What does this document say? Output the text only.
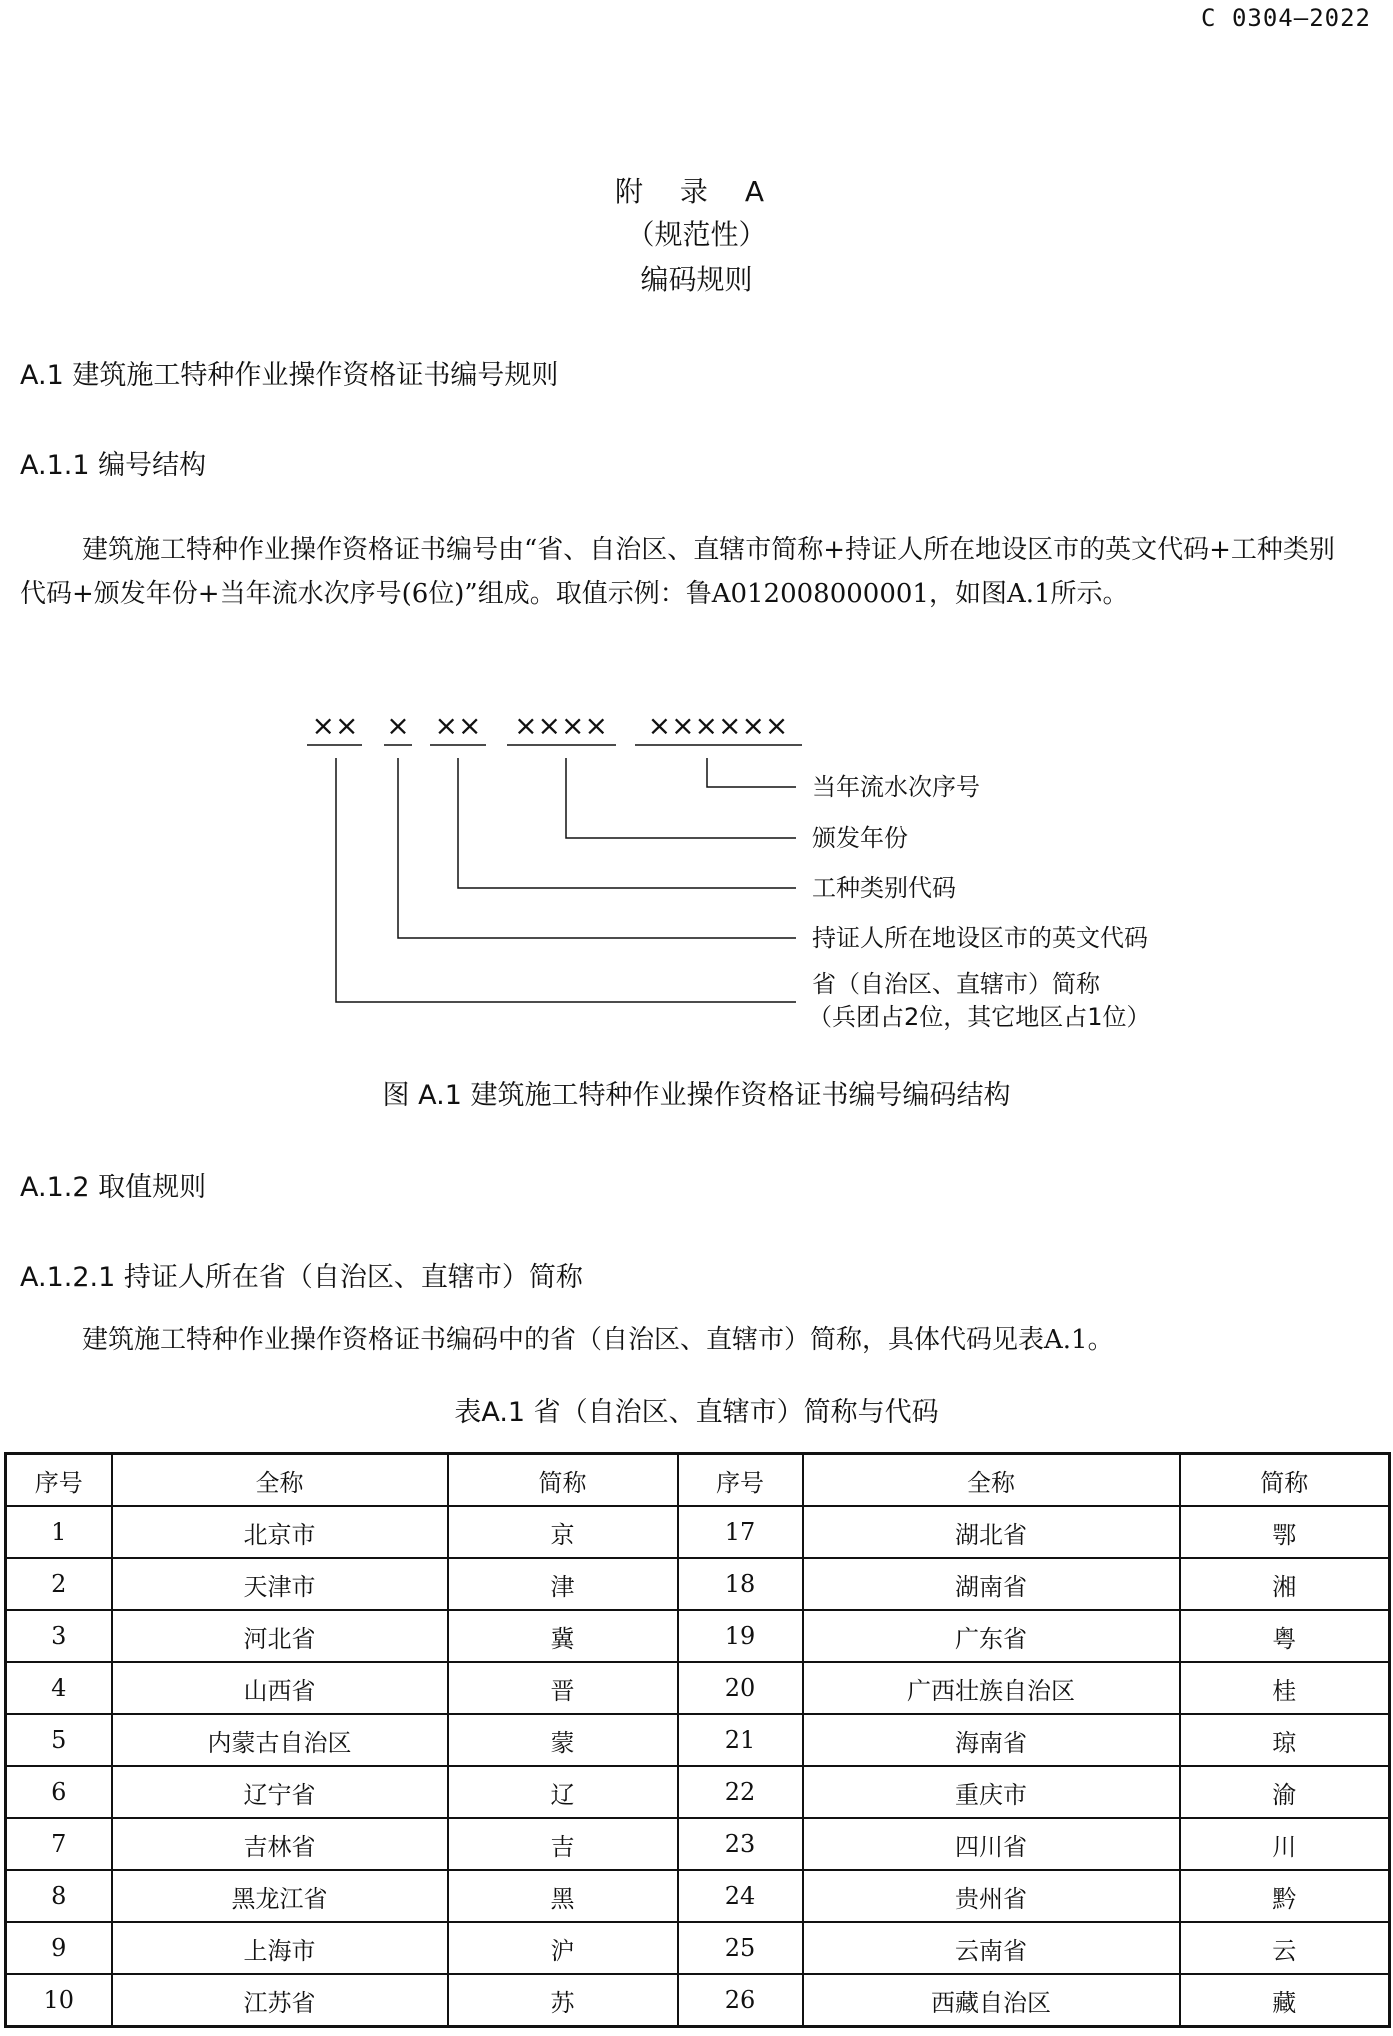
C 0304—2022
附 录 A
（规范性）
编码规则
A.1 建筑施工特种作业操作资格证书编号规则
A.1.1 编号结构
建筑施工特种作业操作资格证书编号由“省、自治区、直辖市简称+持证人所在地设区市的英文代码+工种类别代码+颁发年份+当年流水次序号(6位)”组成。取值示例：鲁A012008000001，如图A.1所示。
×× × ×× ×××× ××××××
当年流水次序号
颁发年份
工种类别代码
持证人所在地设区市的英文代码
省（自治区、直辖市）简称
（兵团占2位，其它地区占1位）
图 A.1 建筑施工特种作业操作资格证书编号编码结构
A.1.2 取值规则
A.1.2.1 持证人所在省（自治区、直辖市）简称
建筑施工特种作业操作资格证书编码中的省（自治区、直辖市）简称，具体代码见表A.1。
表A.1 省（自治区、直辖市）简称与代码
序号	全称	简称	序号	全称	简称
1	北京市	京	17	湖北省	鄂
2	天津市	津	18	湖南省	湘
3	河北省	冀	19	广东省	粤
4	山西省	晋	20	广西壮族自治区	桂
5	内蒙古自治区	蒙	21	海南省	琼
6	辽宁省	辽	22	重庆市	渝
7	吉林省	吉	23	四川省	川
8	黑龙江省	黑	24	贵州省	黔
9	上海市	沪	25	云南省	云
10	江苏省	苏	26	西藏自治区	藏
